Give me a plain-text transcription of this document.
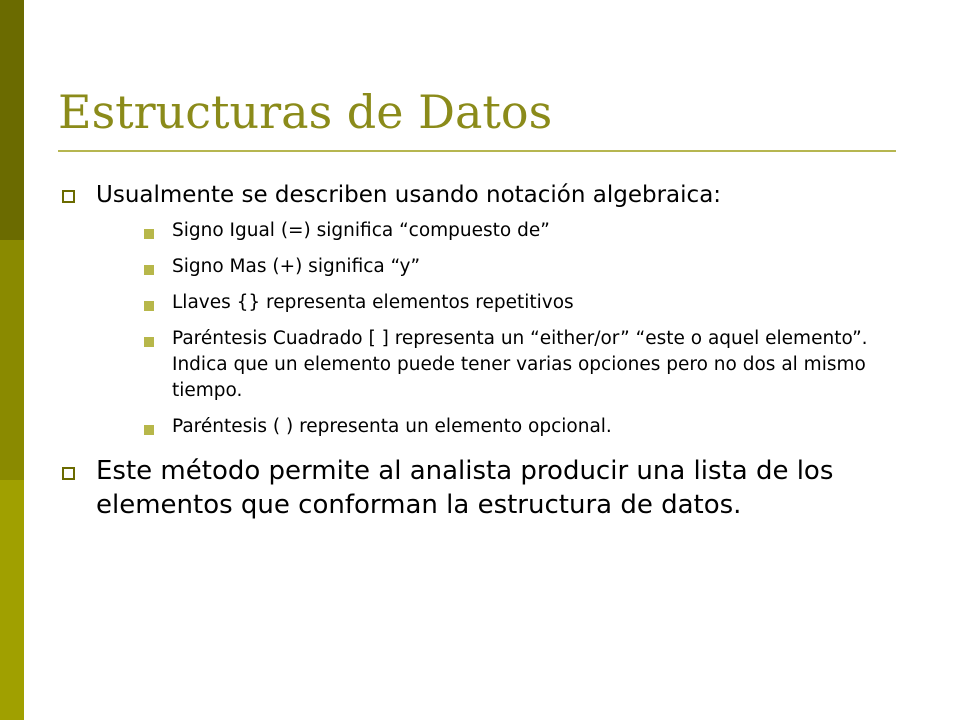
Estructuras de Datos
Usualmente se describen usando notación algebraica:
Signo Igual (=) significa “compuesto de”
Signo Mas (+) significa “y”
Llaves {} representa elementos repetitivos
Paréntesis Cuadrado [ ] representa un “either/or” “este o aquel elemento”. Indica que un elemento puede tener varias opciones pero no dos al mismo tiempo.
Paréntesis ( ) representa un elemento opcional.
Este método permite al analista producir una lista de los elementos que conforman la estructura de datos.
